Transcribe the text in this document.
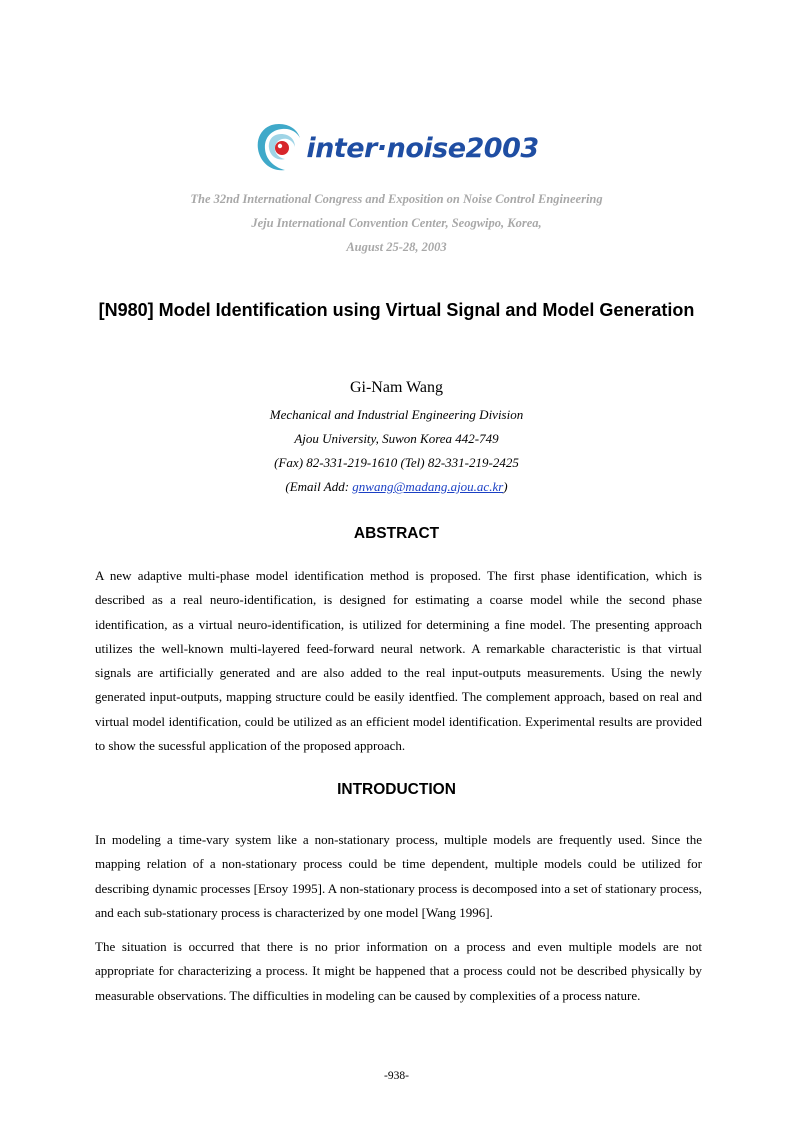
inter·noise2003
The 32nd International Congress and Exposition on Noise Control Engineering
Jeju International Convention Center, Seogwipo, Korea,
August 25-28, 2003
[N980] Model Identification using Virtual Signal and Model Generation
Gi-Nam Wang
Mechanical and Industrial Engineering Division
Ajou University, Suwon Korea 442-749
(Fax) 82-331-219-1610 (Tel) 82-331-219-2425
(Email Add: gnwang@madang.ajou.ac.kr)
ABSTRACT
A new adaptive multi-phase model identification method is proposed. The first phase identification, which is described as a real neuro-identification, is designed for estimating a coarse model while the second phase identification, as a virtual neuro-identification, is utilized for determining a fine model. The presenting approach utilizes the well-known multi-layered feed-forward neural network. A remarkable characteristic is that virtual signals are artificially generated and are also added to the real input-outputs measurements. Using the newly generated input-outputs, mapping structure could be easily identfied. The complement approach, based on real and virtual model identification, could be utilized as an efficient model identification. Experimental results are provided to show the sucessful application of the proposed approach.
INTRODUCTION
In modeling a time-vary system like a non-stationary process, multiple models are frequently used. Since the mapping relation of a non-stationary process could be time dependent, multiple models could be utilized for describing dynamic processes [Ersoy 1995]. A non-stationary process is decomposed into a set of stationary process, and each sub-stationary process is characterized by one model [Wang 1996].
The situation is occurred that there is no prior information on a process and even multiple models are not appropriate for characterizing a process. It might be happened that a process could not be described physically by measurable observations. The difficulties in modeling can be caused by complexities of a process nature.
-938-
